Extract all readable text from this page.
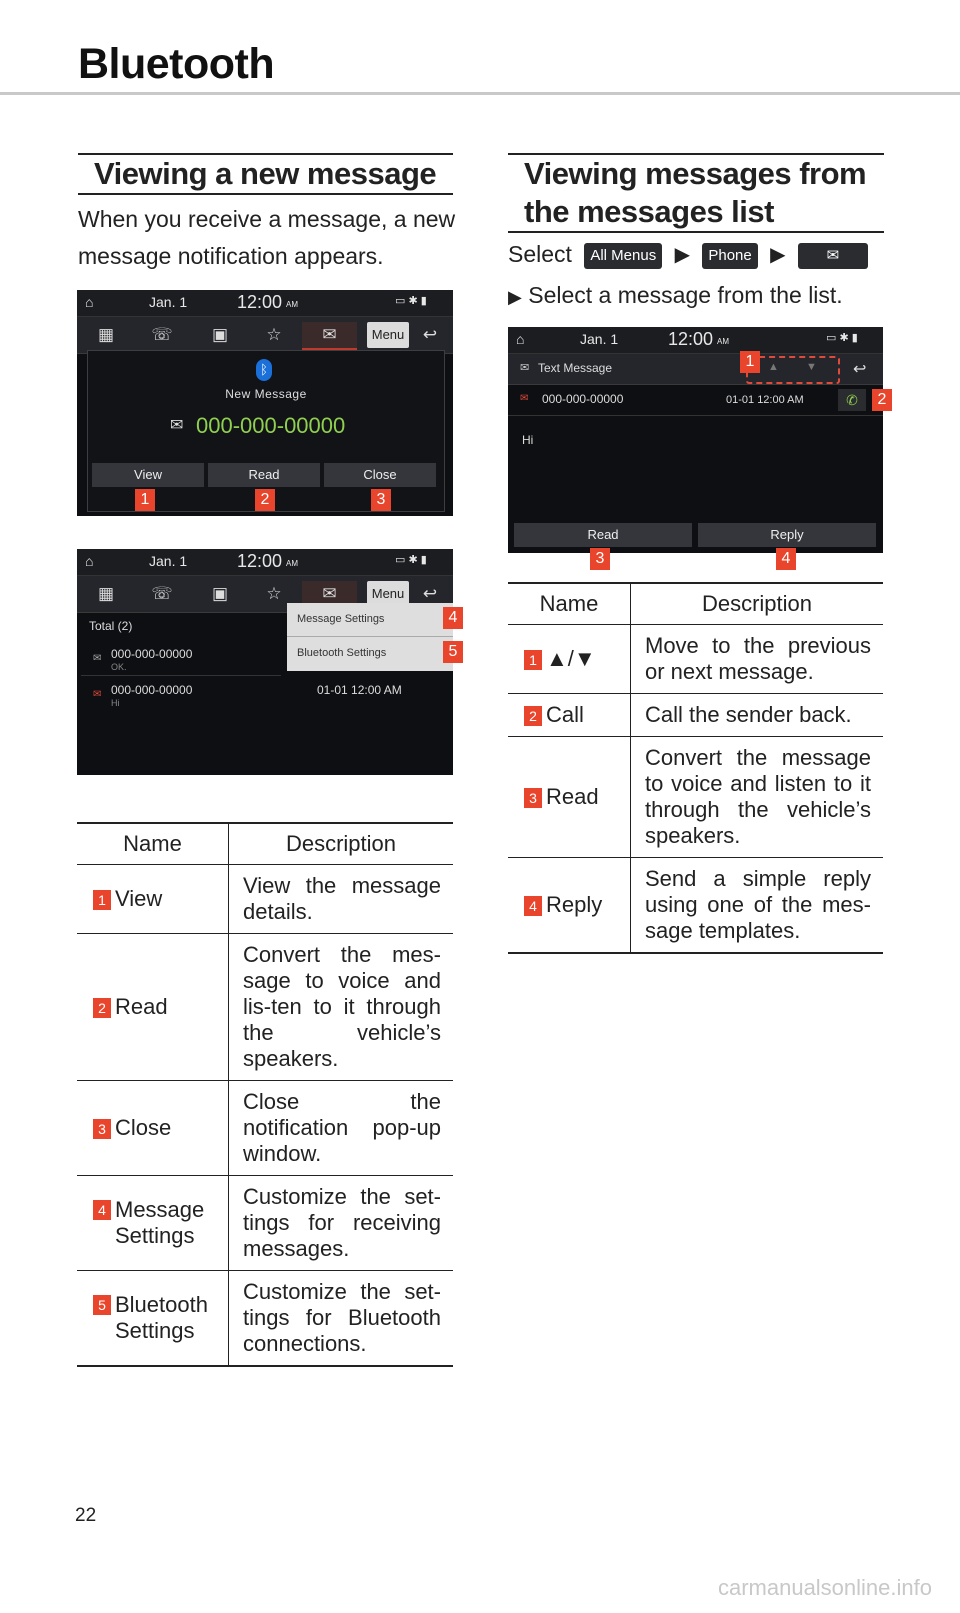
Bluetooth
Viewing a new message
When you receive a message, a new message notification appears.
⌂	Jan. 1	12:00 AM	▭ ✱ ▮
▦	☏	▣	☆	✉	Menu	↩
ᛒ
New Message
✉ 000-000-00000
View	Read	Close
1	2	3
⌂	Jan. 1	12:00 AM	▭ ✱ ▮
▦	☏	▣	☆	✉	Menu	↩
Total (2)
✉ 000-000-00000
OK.
✉ 000-000-00000
Hi
01-01 12:00 AM
Message Settings
Bluetooth Settings
4
5
Name	Description
1 View	View the message details.
2 Read	Convert the mes-sage to voice and lis-ten to it through the vehicle’s speakers.
3 Close	Close the notification pop-up window.

4 Message Settings	Customize the set-tings for receiving messages.

5 Bluetooth Settings	Customize the set-tings for Bluetooth connections.
Viewing messages from the messages list
Select All Menus ▶ Phone ▶	✉
▶ Select a message from the list.
⌂	Jan. 1	12:00 AM	▭ ✱ ▮
✉ Text Message	▲ ▼ ↩
✉ 000-000-00000	01-01 12:00 AM	✆
Hi
Read	Reply
1
2
3	4
Name	Description
1 ▲/▼	Move to the previous or next message.
2 Call	Call the sender back.
3 Read	Convert the message to voice and listen to it through the vehicle’s speakers.
4 Reply	Send a simple reply using one of the mes-sage templates.
22
carmanualsonline.info
